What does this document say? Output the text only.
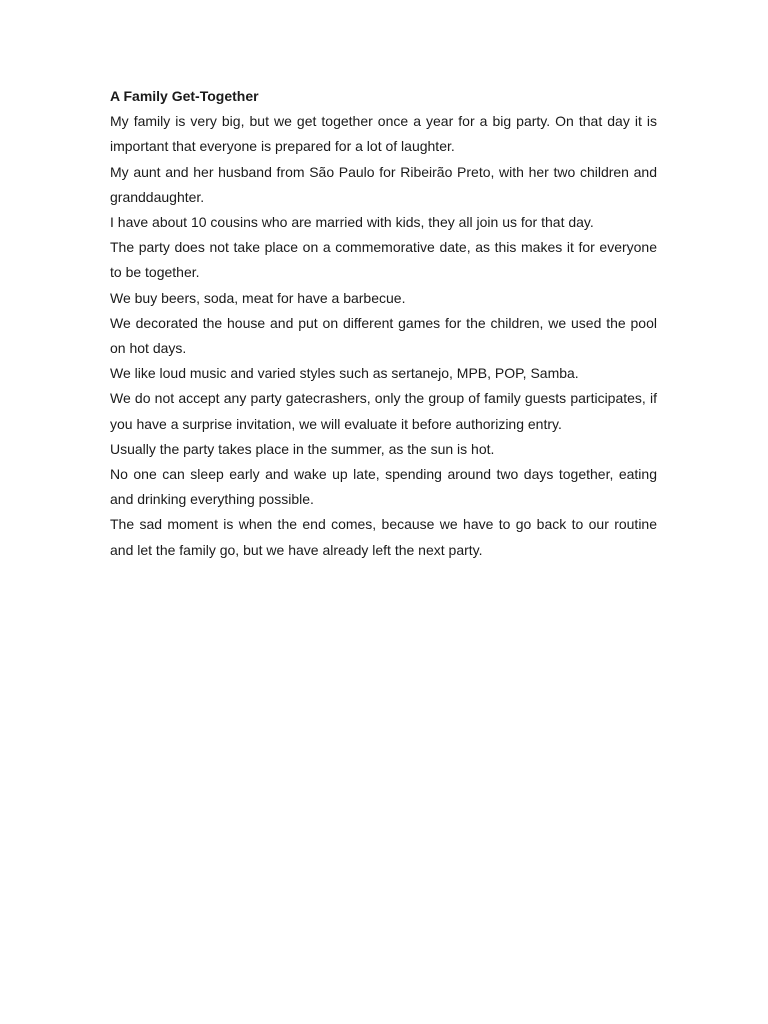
A Family Get-Together

My family is very big, but we get together once a year for a big party. On that day it is important that everyone is prepared for a lot of laughter.

My aunt and her husband from São Paulo for Ribeirão Preto, with her two children and granddaughter.

I have about 10 cousins who are married with kids, they all join us for that day.

The party does not take place on a commemorative date, as this makes it for everyone to be together.

We buy beers, soda, meat for have a barbecue.

We decorated the house and put on different games for the children, we used the pool on hot days.

We like loud music and varied styles such as sertanejo, MPB, POP, Samba.

We do not accept any party gatecrashers, only the group of family guests participates, if you have a surprise invitation, we will evaluate it before authorizing entry.

Usually the party takes place in the summer, as the sun is hot.

No one can sleep early and wake up late, spending around two days together, eating and drinking everything possible.

The sad moment is when the end comes, because we have to go back to our routine and let the family go, but we have already left the next party.
